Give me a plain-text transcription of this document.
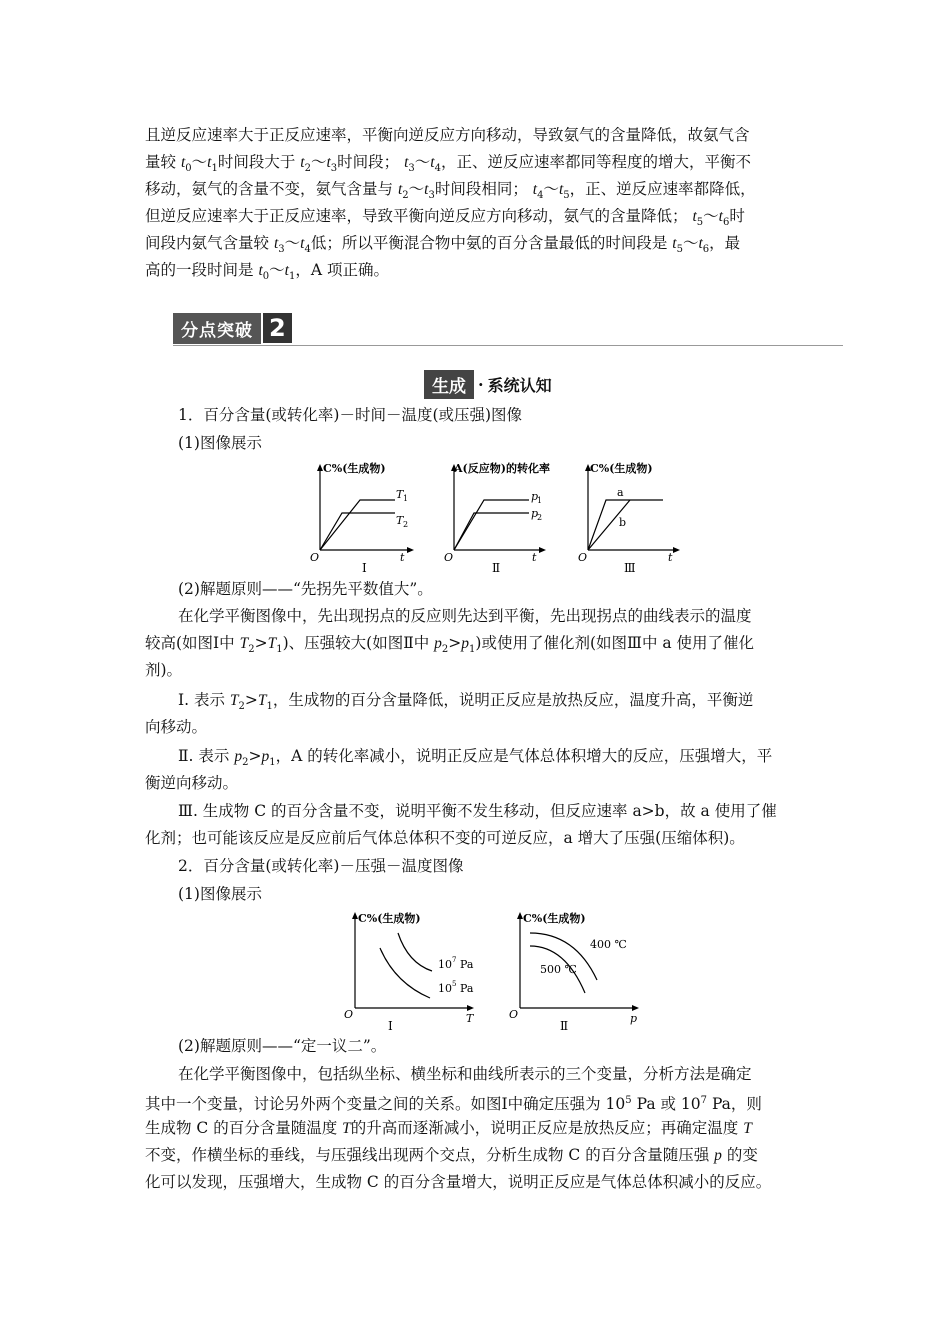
且逆反应速率大于正反应速率，平衡向逆反应方向移动，导致氨气的含量降低，故氨气含
量较 $t_0\sim t_1$时间段大于 $t_2\sim t_3$时间段； $t_3\sim t_4$，正、逆反应速率都同等程度的增大，平衡不
移动，氨气的含量不变，氨气含量与 $t_2\sim t_3$时间段相同； $t_4\sim t_5$，正、逆反应速率都降低，
但逆反应速率大于正反应速率，导致平衡向逆反应方向移动，氨气的含量降低； $t_5\sim t_6$时
间段内氨气含量较 $t_3\sim t_4$低；所以平衡混合物中氨的百分含量最低的时间段是 $t_5\sim t_6$，最
高的一段时间是 $t_0\sim t_1$，A 项正确。
分点突破 2
生成 · 系统认知
1．百分含量(或转化率)－时间－温度(或压强)图像
(1)图像展示
C%(生成物)
T 1
T 2
O	t
Ⅰ
A(反应物)的转化率
p
1
p
2
O	t
Ⅱ
C%(生成物)
a
b
O	t
Ⅲ
(2)解题原则——“先拐先平数值大”。
在化学平衡图像中，先出现拐点的反应则先达到平衡，先出现拐点的曲线表示的温度
较高(如图Ⅰ中 $T_2>T_1$)、压强较大(如图Ⅱ中 $p_2>p_1$)或使用了催化剂(如图Ⅲ中 a 使用了催化
剂)。
Ⅰ. 表示 $T_2>T_1$，生成物的百分含量降低，说明正反应是放热反应，温度升高，平衡逆
向移动。
Ⅱ. 表示 $p_2>p_1$，A 的转化率减小，说明正反应是气体总体积增大的反应，压强增大，平
衡逆向移动。
Ⅲ. 生成物 C 的百分含量不变，说明平衡不发生移动，但反应速率 a>b，故 a 使用了催
化剂；也可能该反应是反应前后气体总体积不变的可逆反应，a 增大了压强(压缩体积)。
2．百分含量(或转化率)－压强－温度图像
(1)图像展示
C%(生成物)
10 7 Pa
10 5 Pa
O	T
Ⅰ
C%(生成物)
400 ℃
500 ℃
O	p
Ⅱ
(2)解题原则——“定一议二”。
在化学平衡图像中，包括纵坐标、横坐标和曲线所表示的三个变量，分析方法是确定
其中一个变量，讨论另外两个变量之间的关系。如图Ⅰ中确定压强为 $10^5$ Pa 或 $10^7$ Pa，则
生成物 C 的百分含量随温度 T的升高而逐渐减小，说明正反应是放热反应；再确定温度 T
不变，作横坐标的垂线，与压强线出现两个交点，分析生成物 C 的百分含量随压强 p 的变
化可以发现，压强增大，生成物 C 的百分含量增大，说明正反应是气体总体积减小的反应。
